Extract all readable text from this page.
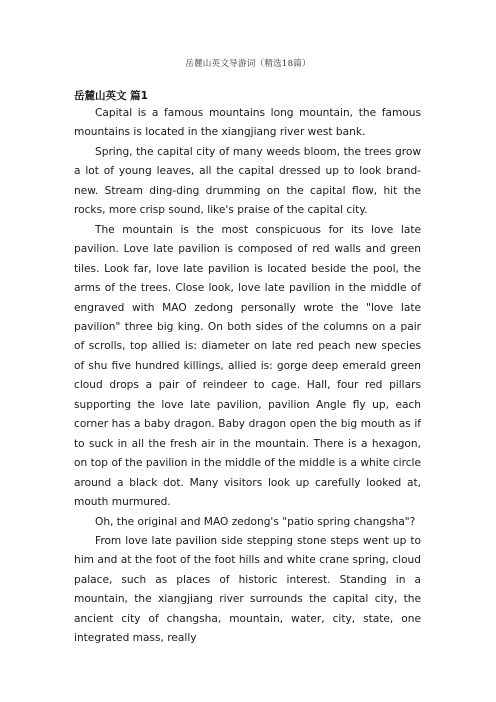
岳麓山英文导游词（精选18篇）
岳麓山英文 篇1

Capital is a famous mountains long mountain, the famous mountains is located in the xiangjiang river west bank.

Spring, the capital city of many weeds bloom, the trees grow a lot of young leaves, all the capital dressed up to look brand-new. Stream ding-ding drumming on the capital flow, hit the rocks, more crisp sound, like's praise of the capital city.

The mountain is the most conspicuous for its love late pavilion. Love late pavilion is composed of red walls and green tiles. Look far, love late pavilion is located beside the pool, the arms of the trees. Close look, love late pavilion in the middle of engraved with MAO zedong personally wrote the "love late pavilion" three big king. On both sides of the columns on a pair of scrolls, top allied is: diameter on late red peach new species of shu five hundred killings, allied is: gorge deep emerald green cloud drops a pair of reindeer to cage. Hall, four red pillars supporting the love late pavilion, pavilion Angle fly up, each corner has a baby dragon. Baby dragon open the big mouth as if to suck in all the fresh air in the mountain. There is a hexagon, on top of the pavilion in the middle of the middle is a white circle around a black dot. Many visitors look up carefully looked at, mouth murmured.

Oh, the original and MAO zedong's "patio spring changsha"?

From love late pavilion side stepping stone steps went up to him and at the foot of the foot hills and white crane spring, cloud palace, such as places of historic interest. Standing in a mountain, the xiangjiang river surrounds the capital city, the ancient city of changsha, mountain, water, city, state, one integrated mass, really
